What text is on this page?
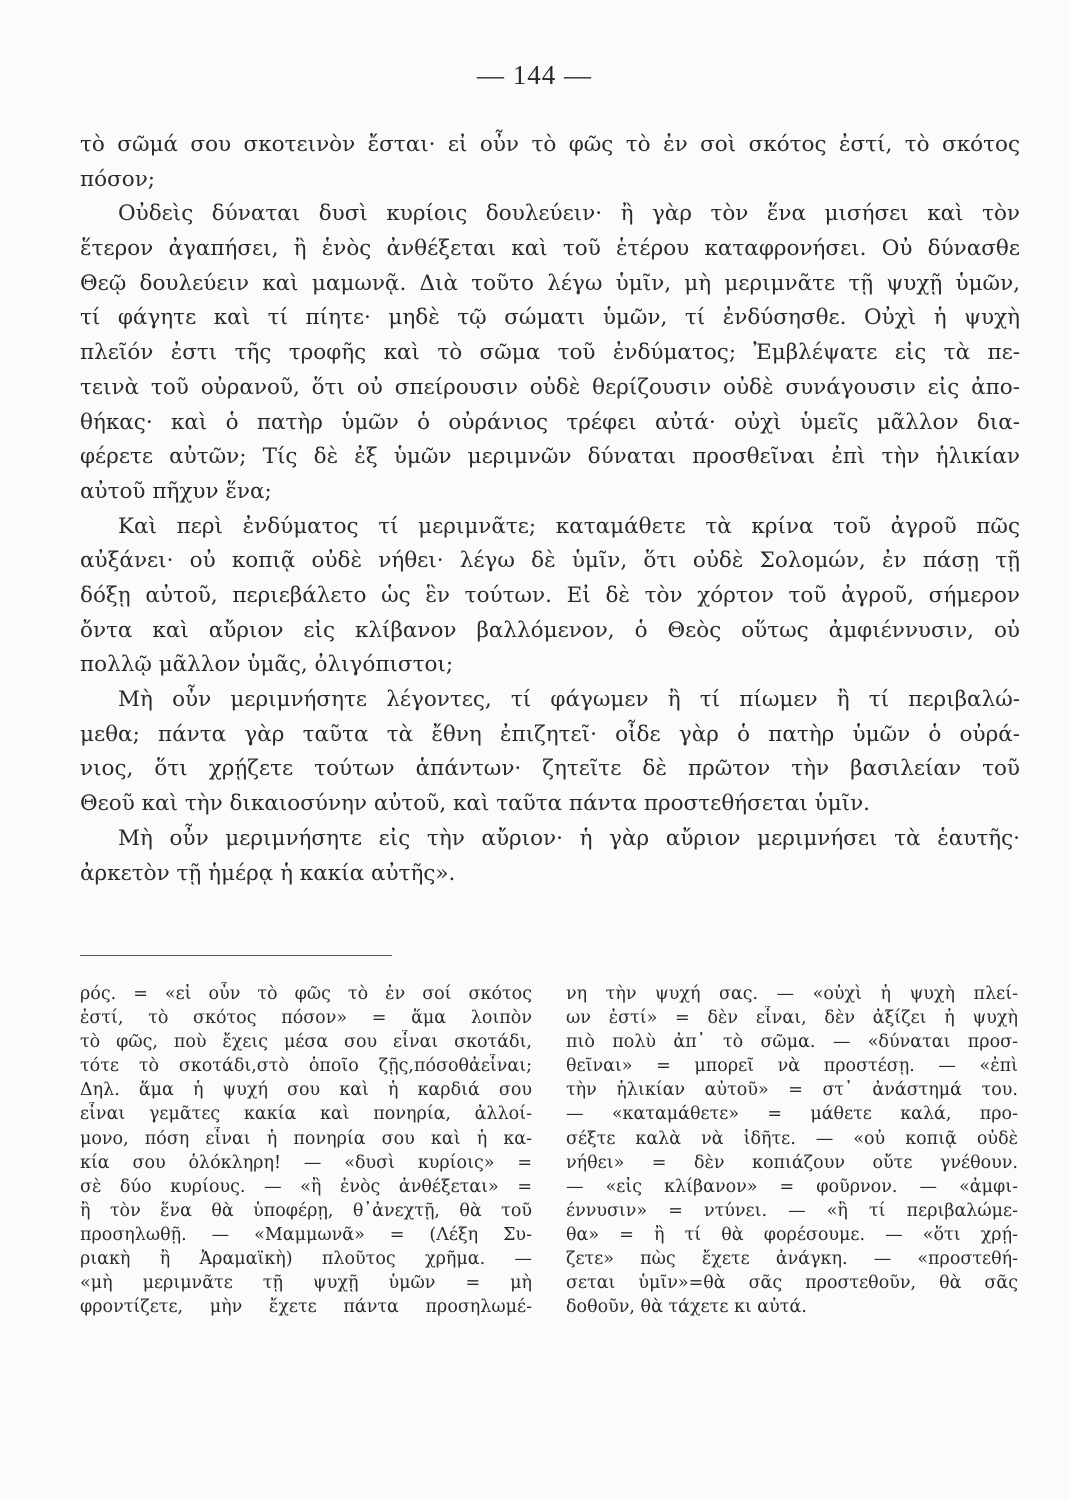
— 144 —
τὸ σῶμά σου σκοτεινὸν ἔσται· εἰ οὖν τὸ φῶς τὸ ἐν σοὶ σκότος ἐστί, τὸ σκότος
πόσον;
Οὐδεὶς δύναται δυσὶ κυρίοις δουλεύειν· ἢ γὰρ τὸν ἕνα μισήσει καὶ τὸν
ἕτερον ἀγαπήσει, ἢ ἑνὸς ἀνθέξεται καὶ τοῦ ἑτέρου καταφρονήσει. Οὐ δύνασθε
Θεῷ δουλεύειν καὶ μαμωνᾷ. Διὰ τοῦτο λέγω ὑμῖν, μὴ μεριμνᾶτε τῇ ψυχῇ ὑμῶν,
τί φάγητε καὶ τί πίητε· μηδὲ τῷ σώματι ὑμῶν, τί ἐνδύσησθε. Οὐχὶ ἡ ψυχὴ
πλεῖόν ἐστι τῆς τροφῆς καὶ τὸ σῶμα τοῦ ἐνδύματος; Ἐμβλέψατε εἰς τὰ πε-
τεινὰ τοῦ οὐρανοῦ, ὅτι οὐ σπείρουσιν οὐδὲ θερίζουσιν οὐδὲ συνάγουσιν εἰς ἀπο-
θήκας· καὶ ὁ πατὴρ ὑμῶν ὁ οὐράνιος τρέφει αὐτά· οὐχὶ ὑμεῖς μᾶλλον δια-
φέρετε αὐτῶν; Τίς δὲ ἐξ ὑμῶν μεριμνῶν δύναται προσθεῖναι ἐπὶ τὴν ἡλικίαν
αὐτοῦ πῆχυν ἕνα;
Καὶ περὶ ἐνδύματος τί μεριμνᾶτε; καταμάθετε τὰ κρίνα τοῦ ἀγροῦ πῶς
αὐξάνει· οὐ κοπιᾷ οὐδὲ νήθει· λέγω δὲ ὑμῖν, ὅτι οὐδὲ Σολομών, ἐν πάσῃ τῇ
δόξῃ αὐτοῦ, περιεβάλετο ὡς ἓν τούτων. Εἰ δὲ τὸν χόρτον τοῦ ἀγροῦ, σήμερον
ὄντα καὶ αὔριον εἰς κλίβανον βαλλόμενον, ὁ Θεὸς οὕτως ἀμφιέννυσιν, οὐ
πολλῷ μᾶλλον ὑμᾶς, ὀλιγόπιστοι;
Μὴ οὖν μεριμνήσητε λέγοντες, τί φάγωμεν ἢ τί πίωμεν ἢ τί περιβαλώ-
μεθα; πάντα γὰρ ταῦτα τὰ ἔθνη ἐπιζητεῖ· οἶδε γὰρ ὁ πατὴρ ὑμῶν ὁ οὐρά-
νιος, ὅτι χρῄζετε τούτων ἁπάντων· ζητεῖτε δὲ πρῶτον τὴν βασιλείαν τοῦ
Θεοῦ καὶ τὴν δικαιοσύνην αὐτοῦ, καὶ ταῦτα πάντα προστεθήσεται ὑμῖν.
Μὴ οὖν μεριμνήσητε εἰς τὴν αὔριον· ἡ γὰρ αὔριον μεριμνήσει τὰ ἑαυτῆς·
ἀρκετὸν τῇ ἡμέρᾳ ἡ κακία αὐτῆς».
ρός. = «εἰ οὖν τὸ φῶς τὸ ἐν σοί σκότος
ἐστί, τὸ σκότος πόσον» = ἅμα λοιπὸν
τὸ φῶς, ποὺ ἔχεις μέσα σου εἶναι σκοτάδι,
τότε τὸ σκοτάδι,στὸ ὁποῖο ζῇς,πόσοθἀεἶναι;
Δηλ. ἅμα ἡ ψυχή σου καὶ ἡ καρδιά σου
εἶναι γεμᾶτες κακία καὶ πονηρία, ἀλλοί-
μονο, πόση εἶναι ἡ πονηρία σου καὶ ἡ κα-
κία σου ὁλόκληρη! — «δυσὶ κυρίοις» =
σὲ δύο κυρίους. — «ἢ ἑνὸς ἀνθέξεται» =
ἢ τὸν ἕνα θὰ ὑποφέρῃ, θ᾽ἀνεχτῇ, θὰ τοῦ
προσηλωθῇ. — «Μαμμωνᾶ» = (Λέξη Συ-
ριακὴ ἢ Ἀραμαϊκὴ) πλοῦτος χρῆμα. —
«μὴ μεριμνᾶτε τῇ ψυχῇ ὑμῶν = μὴ
φροντίζετε, μὴν ἔχετε πάντα προσηλωμέ-
νη τὴν ψυχή σας. — «οὐχὶ ἡ ψυχὴ πλεί-
ων ἐστί» = δὲν εἶναι, δὲν ἀξίζει ἡ ψυχὴ
πιὸ πολὺ ἀπ᾽ τὸ σῶμα. — «δύναται προσ-
θεῖναι» = μπορεῖ νὰ προστέσῃ. — «ἐπὶ
τὴν ἡλικίαν αὐτοῦ» = στ᾽ ἀνάστημά του.
— «καταμάθετε» = μάθετε καλά, προ-
σέξτε καλὰ νὰ ἰδῆτε. — «οὐ κοπιᾷ οὐδὲ
νήθει» = δὲν κοπιάζουν οὔτε γνέθουν.
— «εἰς κλίβανον» = φοῦρνον. — «ἀμφι-
έννυσιν» = ντύνει. — «ἢ τί περιβαλώμε-
θα» = ἢ τί θὰ φορέσουμε. — «ὅτι χρῄ-
ζετε» πὼς ἔχετε ἀνάγκη. — «προστεθή-
σεται ὑμῖν»=θὰ σᾶς προστεθοῦν, θὰ σᾶς
δοθοῦν, θὰ τάχετε κι αὐτά.
